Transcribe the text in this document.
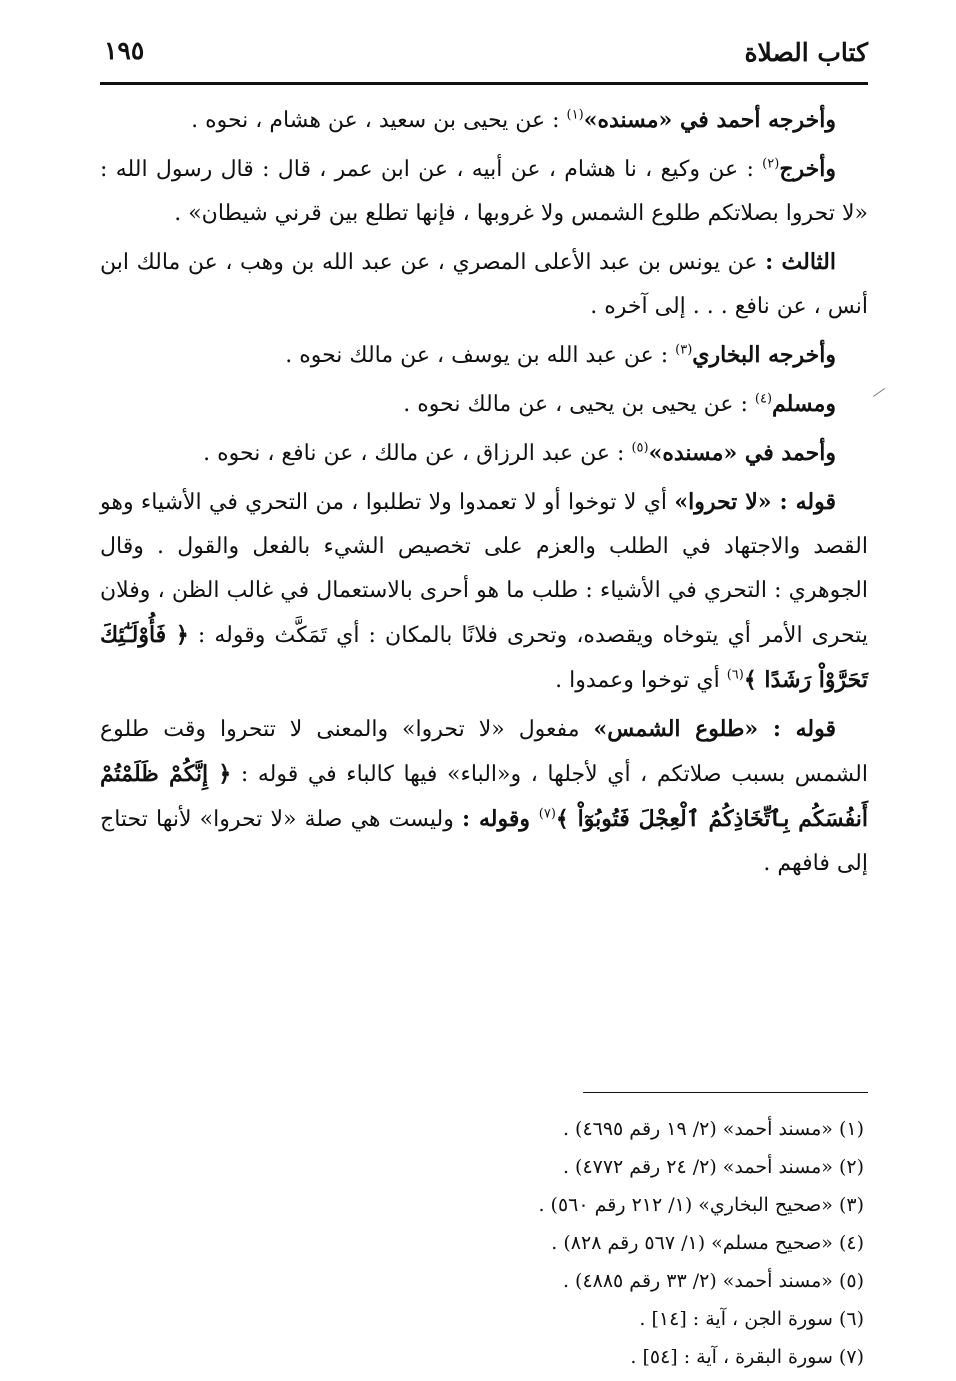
كتاب الصلاة
١٩٥

وأخرجه أحمد في «مسنده»$^{(١)}$ : عن يحيى بن سعيد ، عن هشام ، نحوه .

وأخرج$^{(٢)}$ : عن وكيع ، نا هشام ، عن أبيه ، عن ابن عمر ، قال : قال رسول الله : «لا تحروا بصلاتكم طلوع الشمس ولا غروبها ، فإنها تطلع بين قرني شيطان» .

الثالث : عن يونس بن عبد الأعلى المصري ، عن عبد الله بن وهب ، عن مالك ابن أنس ، عن نافع . . . إلى آخره .

وأخرجه البخاري$^{(٣)}$ : عن عبد الله بن يوسف ، عن مالك نحوه .

ومسلم$^{(٤)}$ : عن يحيى بن يحيى ، عن مالك نحوه .

وأحمد في «مسنده»$^{(٥)}$ : عن عبد الرزاق ، عن مالك ، عن نافع ، نحوه .

قوله : «لا تحروا» أي لا توخوا أو لا تعمدوا ولا تطلبوا ، من التحري في الأشياء وهو القصد والاجتهاد في الطلب والعزم على تخصيص الشيء بالفعل والقول . وقال الجوهري : التحري في الأشياء : طلب ما هو أحرى بالاستعمال في غالب الظن ، وفلان يتحرى الأمر أي يتوخاه ويقصده، وتحرى فلانًا بالمكان : أي تَمَكَّث وقوله : ﴿ فَأُوْلَـٰٓئِكَ تَحَرَّوْاْ رَشَدًا ﴾$^{(٦)}$ أي توخوا وعمدوا .

قوله : «طلوع الشمس» مفعول «لا تحروا» والمعنى لا تتحروا وقت طلوع الشمس بسبب صلاتكم ، أي لأجلها ، و«الباء» فيها كالباء في قوله : ﴿ إِنَّكُمْ ظَلَمْتُمْ أَنفُسَكُم بِٱتِّخَاذِكُمُ ٱلْعِجْلَ فَتُوبُوٓاْ ﴾$^{(٧)}$ وقوله : وليست هي صلة «لا تحروا» لأنها تحتاج إلى فافهم .

(١) «مسند أحمد» (٢/ ١٩ رقم ٤٦٩٥) .
(٢) «مسند أحمد» (٢/ ٢٤ رقم ٤٧٧٢) .
(٣) «صحيح البخاري» (١/ ٢١٢ رقم ٥٦٠) .
(٤) «صحيح مسلم» (١/ ٥٦٧ رقم ٨٢٨) .
(٥) «مسند أحمد» (٢/ ٣٣ رقم ٤٨٨٥) .
(٦) سورة الجن ، آية : [١٤] .
(٧) سورة البقرة ، آية : [٥٤] .
